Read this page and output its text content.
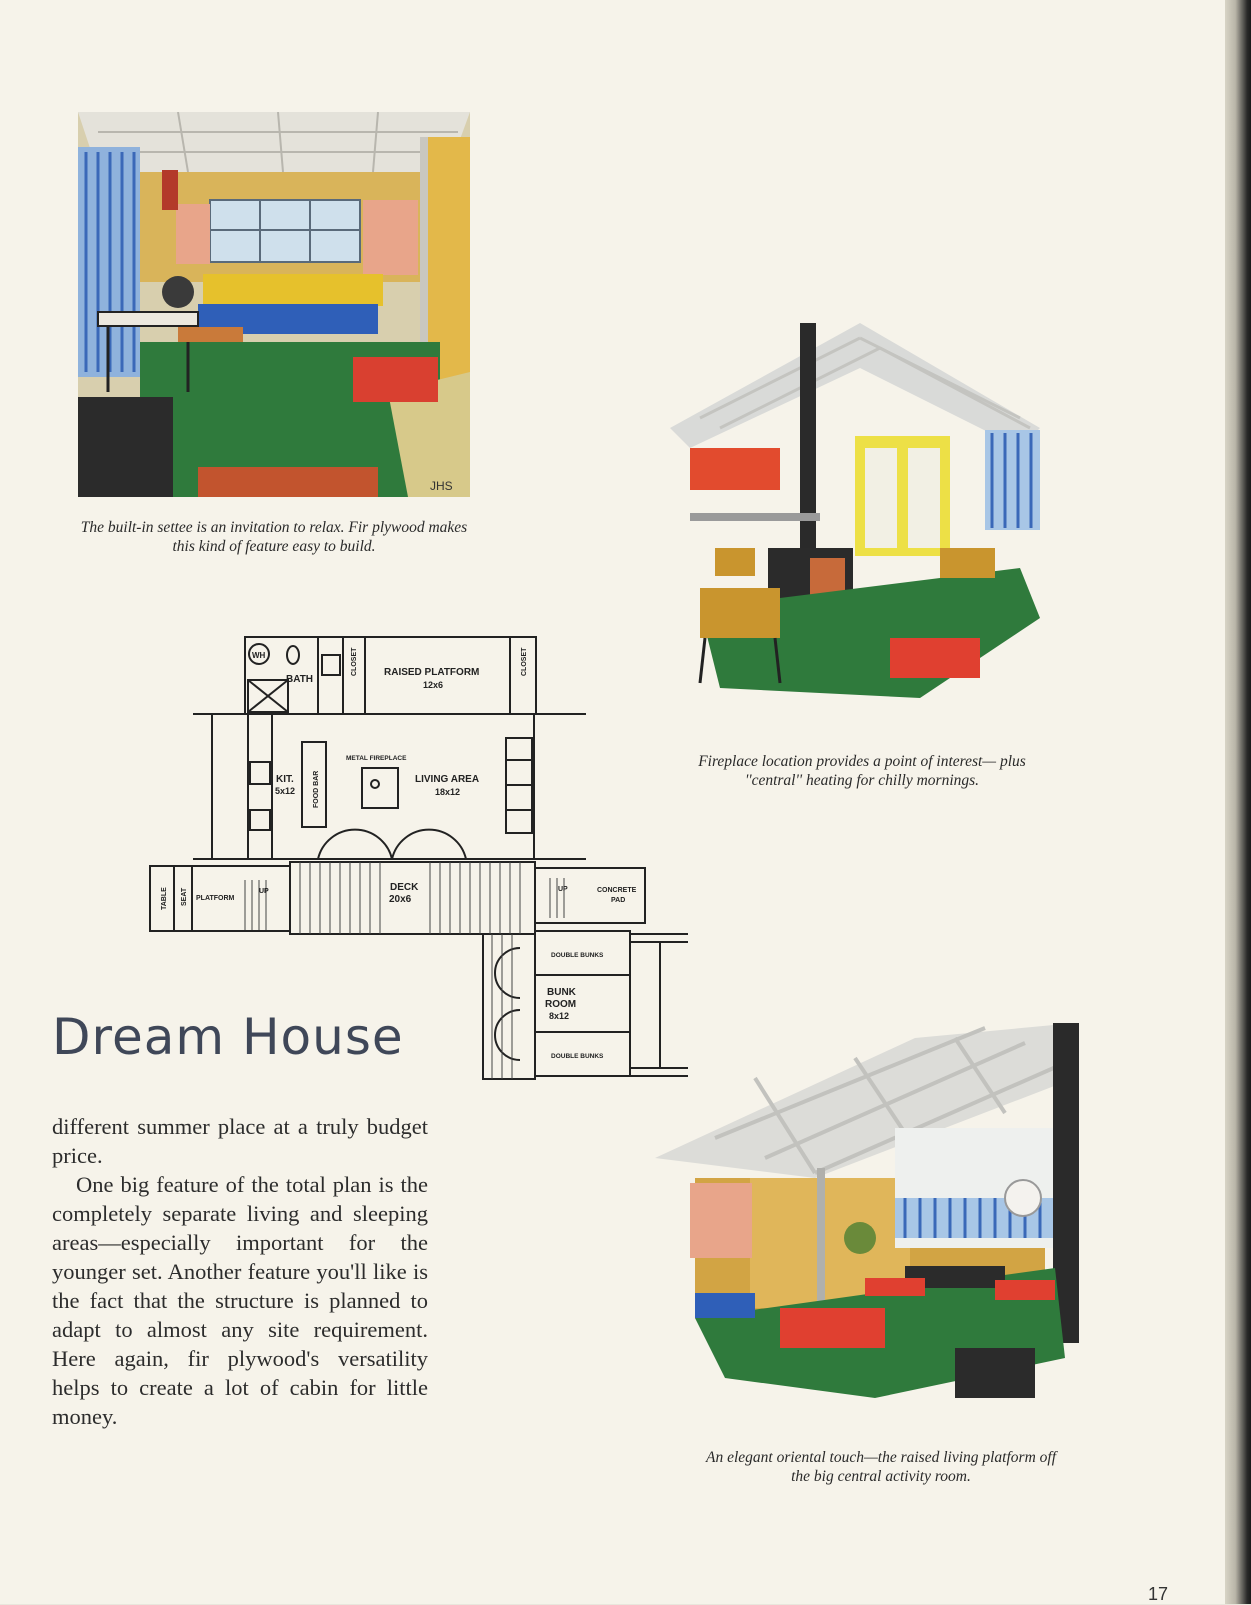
JHS
The built-in settee is an invitation to relax. Fir plywood makes this kind of feature easy to build.
Fireplace location provides a point of interest— plus ''central'' heating for chilly mornings.
Dream House

different summer place at a truly budget price.

One big feature of the total plan is the completely separate living and sleeping areas—especially important for the younger set. Another feature you'll like is the fact that the structure is planned to adapt to almost any site requirement. Here again, fir plywood's versatility helps to create a lot of cabin for little money.

WH
BATH
CLOSET	CLOSET
RAISED PLATFORM
12x6
METAL FIREPLACE
KIT.
5x12	FOOD BAR	LIVING AREA
18x12
TABLE SEAT PLATFORM
UP	DECK
20x6
UP	CONCRETE
PAD
DOUBLE BUNKS
BUNK
ROOM
8x12
DOUBLE BUNKS
An elegant oriental touch—the raised living platform off the big central activity room.
17
